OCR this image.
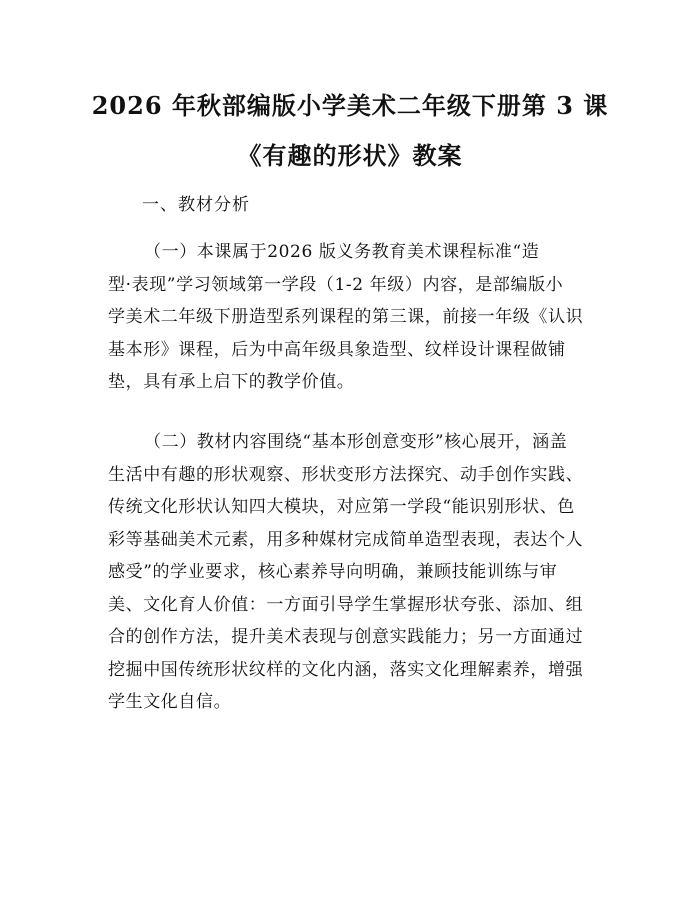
2026 年秋部编版小学美术二年级下册第 3 课
《有趣的形状》教案
一、教材分析
（一）本课属于2026 版义务教育美术课程标准“造
型·表现”学习领域第一学段（1-2 年级）内容，是部编版小
学美术二年级下册造型系列课程的第三课，前接一年级《认识
基本形》课程，后为中高年级具象造型、纹样设计课程做铺
垫，具有承上启下的教学价值。
（二）教材内容围绕“基本形创意变形”核心展开，涵盖
生活中有趣的形状观察、形状变形方法探究、动手创作实践、
传统文化形状认知四大模块，对应第一学段“能识别形状、色
彩等基础美术元素，用多种媒材完成简单造型表现，表达个人
感受”的学业要求，核心素养导向明确，兼顾技能训练与审
美、文化育人价值：一方面引导学生掌握形状夸张、添加、组
合的创作方法，提升美术表现与创意实践能力；另一方面通过
挖掘中国传统形状纹样的文化内涵，落实文化理解素养，增强
学生文化自信。
